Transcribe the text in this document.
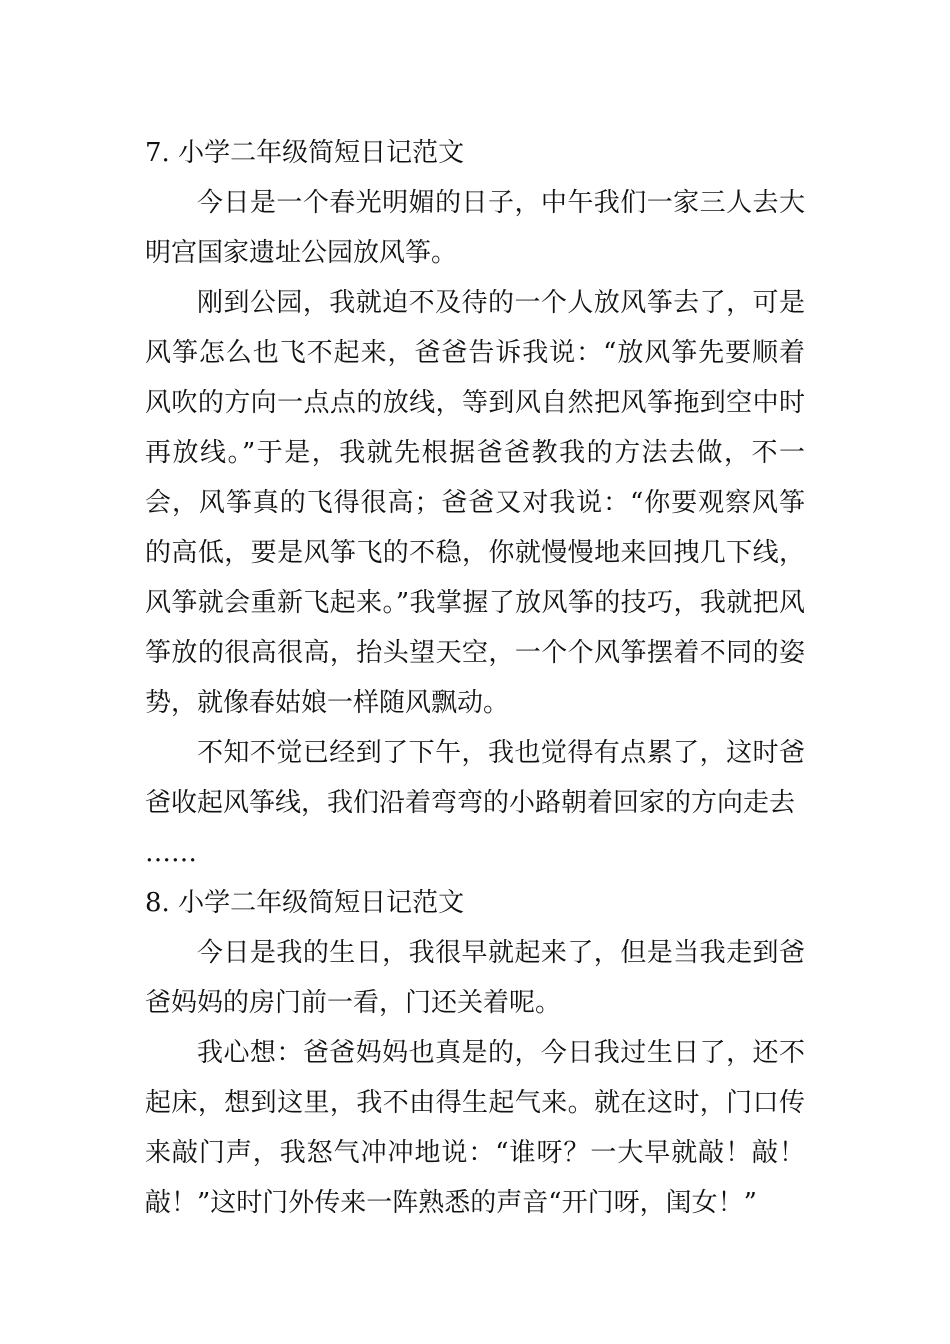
7. 小学二年级简短日记范文

今日是一个春光明媚的日子，中午我们一家三人去大明宫国家遗址公园放风筝。

刚到公园，我就迫不及待的一个人放风筝去了，可是风筝怎么也飞不起来，爸爸告诉我说：“放风筝先要顺着风吹的方向一点点的放线，等到风自然把风筝拖到空中时再放线。”于是，我就先根据爸爸教我的方法去做，不一会，风筝真的飞得很高；爸爸又对我说：“你要观察风筝的高低，要是风筝飞的不稳，你就慢慢地来回拽几下线，风筝就会重新飞起来。”我掌握了放风筝的技巧，我就把风筝放的很高很高，抬头望天空，一个个风筝摆着不同的姿势，就像春姑娘一样随风飘动。

不知不觉已经到了下午，我也觉得有点累了，这时爸爸收起风筝线，我们沿着弯弯的小路朝着回家的方向走去

……

8. 小学二年级简短日记范文

今日是我的生日，我很早就起来了，但是当我走到爸爸妈妈的房门前一看，门还关着呢。

我心想：爸爸妈妈也真是的，今日我过生日了，还不起床，想到这里，我不由得生起气来。就在这时，门口传来敲门声，我怒气冲冲地说：“谁呀？一大早就敲！敲！敲！”这时门外传来一阵熟悉的声音“开门呀，闺女！”
